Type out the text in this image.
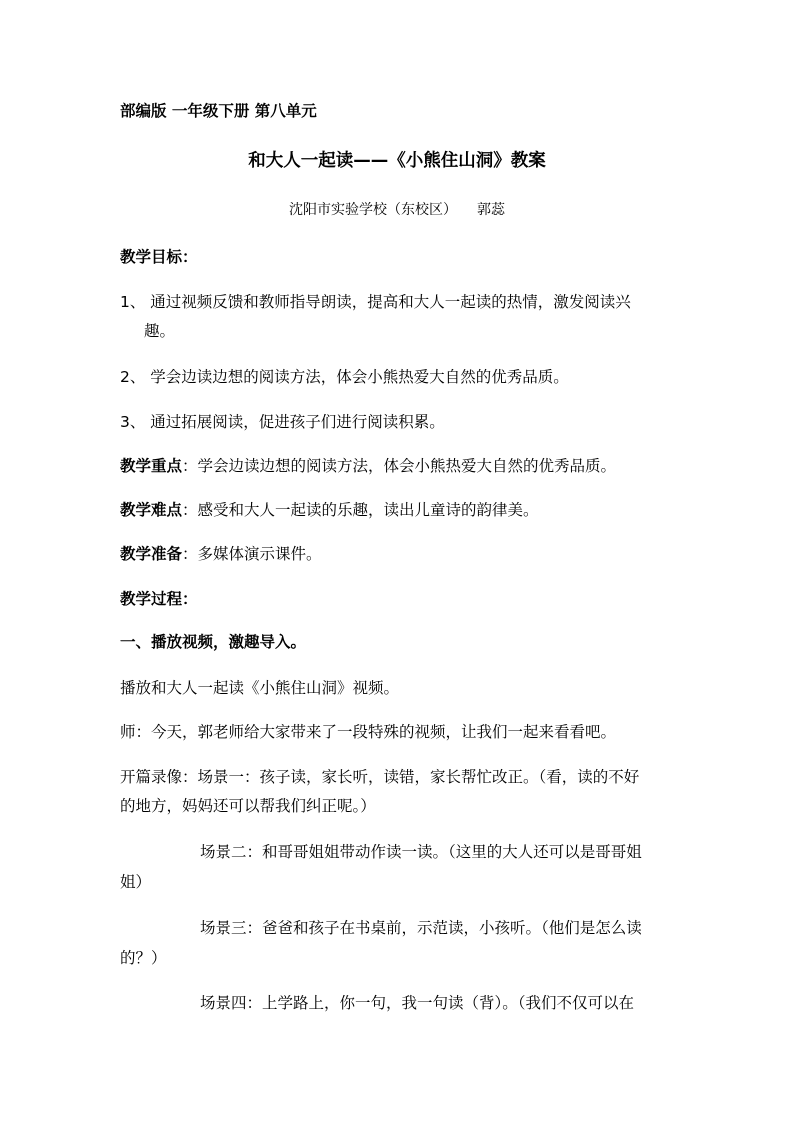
部编版 一年级下册 第八单元
和大人一起读——《小熊住山洞》教案
沈阳市实验学校（东校区） 郭蕊
教学目标：
1、 通过视频反馈和教师指导朗读，提高和大人一起读的热情，激发阅读兴
趣。
2、 学会边读边想的阅读方法，体会小熊热爱大自然的优秀品质。
3、 通过拓展阅读，促进孩子们进行阅读积累。
教学重点：学会边读边想的阅读方法，体会小熊热爱大自然的优秀品质。
教学难点：感受和大人一起读的乐趣，读出儿童诗的韵律美。
教学准备：多媒体演示课件。
教学过程：
一、播放视频，激趣导入。
播放和大人一起读《小熊住山洞》视频。
师：今天，郭老师给大家带来了一段特殊的视频，让我们一起来看看吧。
开篇录像：场景一：孩子读，家长听，读错，家长帮忙改正。（看，读的不好
的地方，妈妈还可以帮我们纠正呢。）
场景二：和哥哥姐姐带动作读一读。（这里的大人还可以是哥哥姐
姐）
场景三：爸爸和孩子在书桌前，示范读，小孩听。（他们是怎么读
的？）
场景四：上学路上，你一句，我一句读（背）。（我们不仅可以在
